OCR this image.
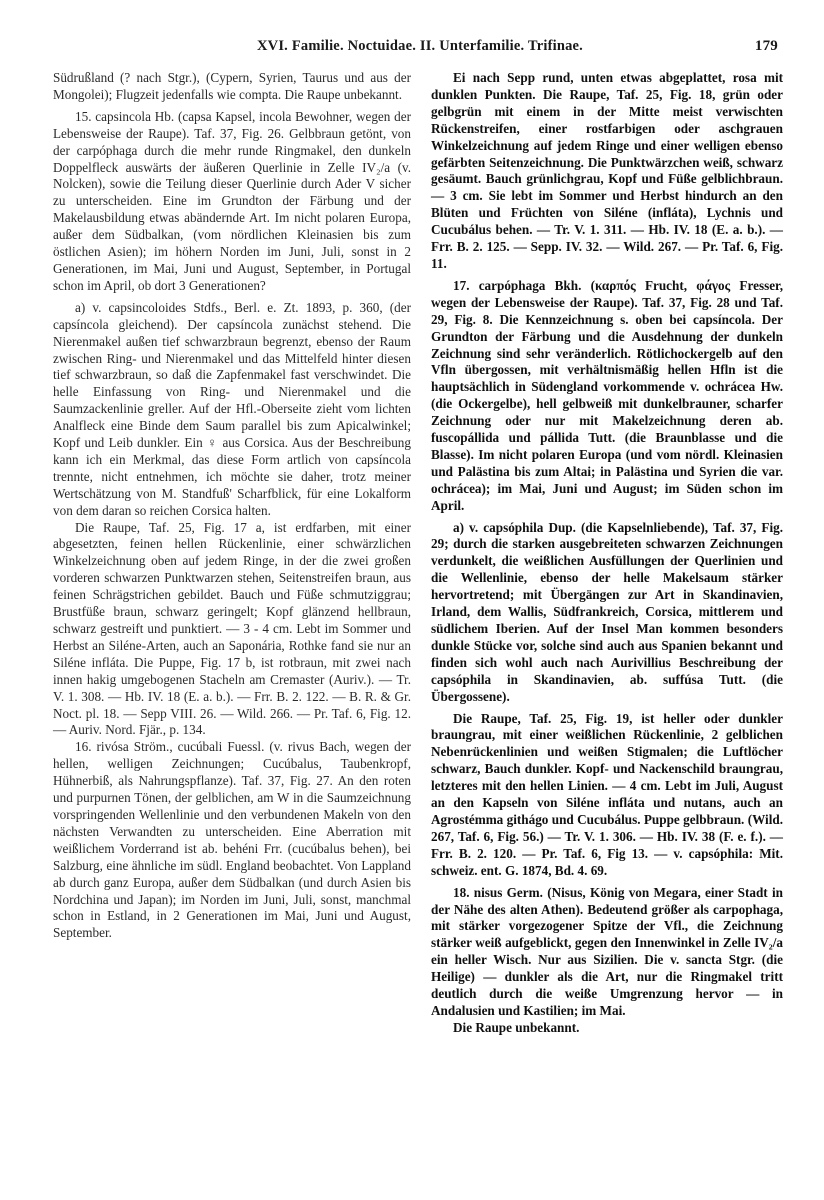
XVI. Familie. Noctuidae. II. Unterfamilie. Trifinae.	179

Südrußland (? nach Stgr.), (Cypern, Syrien, Taurus und aus der Mongolei); Flugzeit jedenfalls wie compta. Die Raupe unbekannt.

15. capsincola Hb. (capsa Kapsel, incola Bewohner, wegen der Lebensweise der Raupe). Taf. 37, Fig. 26. Gelbbraun getönt, von der carpóphaga durch die mehr runde Ringmakel, den dunkeln Doppelfleck auswärts der äußeren Querlinie in Zelle IV₂/a (v. Nolcken), sowie die Teilung dieser Querlinie durch Ader V sicher zu unterscheiden. Eine im Grundton der Färbung und der Makelausbildung etwas abändernde Art. Im nicht polaren Europa, außer dem Südbalkan, (vom nördlichen Kleinasien bis zum östlichen Asien); im höhern Norden im Juni, Juli, sonst in 2 Generationen, im Mai, Juni und August, September, in Portugal schon im April, ob dort 3 Generationen?

a) v. capsincoloides Stdfs., Berl. e. Zt. 1893, p. 360, (der capsíncola gleichend). Der capsíncola zunächst stehend. Die Nierenmakel außen tief schwarzbraun begrenzt, ebenso der Raum zwischen Ring- und Nierenmakel und das Mittelfeld hinter diesen tief schwarzbraun, so daß die Zapfenmakel fast verschwindet. Die helle Einfassung von Ring- und Nierenmakel und die Saumzackenlinie greller. Auf der Hfl.-Oberseite zieht vom lichten Analfleck eine Binde dem Saum parallel bis zum Apicalwinkel; Kopf und Leib dunkler. Ein ♀ aus Corsica. Aus der Beschreibung kann ich ein Merkmal, das diese Form artlich von capsíncola trennte, nicht entnehmen, ich möchte sie daher, trotz meiner Wertschätzung von M. Standfuß' Scharfblick, für eine Lokalform von dem daran so reichen Corsica halten.

Die Raupe, Taf. 25, Fig. 17 a, ist erdfarben, mit einer abgesetzten, feinen hellen Rückenlinie, einer schwärzlichen Winkelzeichnung oben auf jedem Ringe, in der die zwei großen vorderen schwarzen Punktwarzen stehen, Seitenstreifen braun, aus feinen Schrägstrichen gebildet. Bauch und Füße schmutziggrau; Brustfüße braun, schwarz geringelt; Kopf glänzend hellbraun, schwarz gestreift und punktiert. — 3 - 4 cm. Lebt im Sommer und Herbst an Siléne-Arten, auch an Saponária, Rothke fand sie nur an Siléne infláta. Die Puppe, Fig. 17 b, ist rotbraun, mit zwei nach innen hakig umgebogenen Stacheln am Cremaster (Auriv.). — Tr. V. 1. 308. — Hb. IV. 18 (E. a. b.). — Frr. B. 2. 122. — B. R. & Gr. Noct. pl. 18. — Sepp VIII. 26. — Wild. 266. — Pr. Taf. 6, Fig. 12. — Auriv. Nord. Fjär., p. 134.

16. rivósa Ström., cucúbali Fuessl. (v. rivus Bach, wegen der hellen, welligen Zeichnungen; Cucúbalus, Taubenkropf, Hühnerbiß, als Nahrungspflanze). Taf. 37, Fig. 27. An den roten und purpurnen Tönen, der gelblichen, am W in die Saumzeichnung vorspringenden Wellenlinie und den verbundenen Makeln von den nächsten Verwandten zu unterscheiden. Eine Aberration mit weißlichem Vorderrand ist ab. behéni Frr. (cucúbalus behen), bei Salzburg, eine ähnliche im südl. England beobachtet. Von Lappland ab durch ganz Europa, außer dem Südbalkan (und durch Asien bis Nordchina und Japan); im Norden im Juni, Juli, sonst, manchmal schon in Estland, in 2 Generationen im Mai, Juni und August, September.

Ei nach Sepp rund, unten etwas abgeplattet, rosa mit dunklen Punkten. Die Raupe, Taf. 25, Fig. 18, grün oder gelbgrün mit einem in der Mitte meist verwischten Rückenstreifen, einer rostfarbigen oder aschgrauen Winkelzeichnung auf jedem Ringe und einer welligen ebenso gefärbten Seitenzeichnung. Die Punktwärzchen weiß, schwarz gesäumt. Bauch grünlichgrau, Kopf und Füße gelblichbraun. — 3 cm. Sie lebt im Sommer und Herbst hindurch an den Blüten und Früchten von Siléne (infláta), Lychnis und Cucubálus behen. — Tr. V. 1. 311. — Hb. IV. 18 (E. a. b.). — Frr. B. 2. 125. — Sepp. IV. 32. — Wild. 267. — Pr. Taf. 6, Fig. 11.

17. carpóphaga Bkh. (καρπός Frucht, φάγος Fresser, wegen der Lebensweise der Raupe). Taf. 37, Fig. 28 und Taf. 29, Fig. 8. Die Kennzeichnung s. oben bei capsíncola. Der Grundton der Färbung und die Ausdehnung der dunkeln Zeichnung sind sehr veränderlich. Rötlichockergelb auf den Vfln übergossen, mit verhältnismäßig hellen Hfln ist die hauptsächlich in Südengland vorkommende v. ochrácea Hw. (die Ockergelbe), hell gelbweiß mit dunkelbrauner, scharfer Zeichnung oder nur mit Makelzeichnung deren ab. fuscopállida und pállida Tutt. (die Braunblasse und die Blasse). Im nicht polaren Europa (und vom nördl. Kleinasien und Palästina bis zum Altai; in Palästina und Syrien die var. ochrácea); im Mai, Juni und August; im Süden schon im April.

a) v. capsóphila Dup. (die Kapselnliebende), Taf. 37, Fig. 29; durch die starken ausgebreiteten schwarzen Zeichnungen verdunkelt, die weißlichen Ausfüllungen der Querlinien und die Wellenlinie, ebenso der helle Makelsaum stärker hervortretend; mit Übergängen zur Art in Skandinavien, Irland, dem Wallis, Südfrankreich, Corsica, mittlerem und südlichem Iberien. Auf der Insel Man kommen besonders dunkle Stücke vor, solche sind auch aus Spanien bekannt und finden sich wohl auch nach Aurivillius Beschreibung der capsóphila in Skandinavien, ab. suffúsa Tutt. (die Übergossene).

Die Raupe, Taf. 25, Fig. 19, ist heller oder dunkler braungrau, mit einer weißlichen Rückenlinie, 2 gelblichen Nebenrückenlinien und weißen Stigmalen; die Luftlöcher schwarz, Bauch dunkler. Kopf- und Nackenschild braungrau, letzteres mit den hellen Linien. — 4 cm. Lebt im Juli, August an den Kapseln von Siléne infláta und nutans, auch an Agrostémma githágo und Cucubálus. Puppe gelbbraun. (Wild. 267, Taf. 6, Fig. 56.) — Tr. V. 1. 306. — Hb. IV. 38 (F. e. f.). — Frr. B. 2. 120. — Pr. Taf. 6, Fig 13. — v. capsóphila: Mit. schweiz. ent. G. 1874, Bd. 4. 69.

18. nisus Germ. (Nisus, König von Megara, einer Stadt in der Nähe des alten Athen). Bedeutend größer als carpophaga, mit stärker vorgezogener Spitze der Vfl., die Zeichnung stärker weiß aufgeblickt, gegen den Innenwinkel in Zelle IV₂/a ein heller Wisch. Nur aus Sizilien. Die v. sancta Stgr. (die Heilige) — dunkler als die Art, nur die Ringmakel tritt deutlich durch die weiße Umgrenzung hervor — in Andalusien und Kastilien; im Mai.

Die Raupe unbekannt.
